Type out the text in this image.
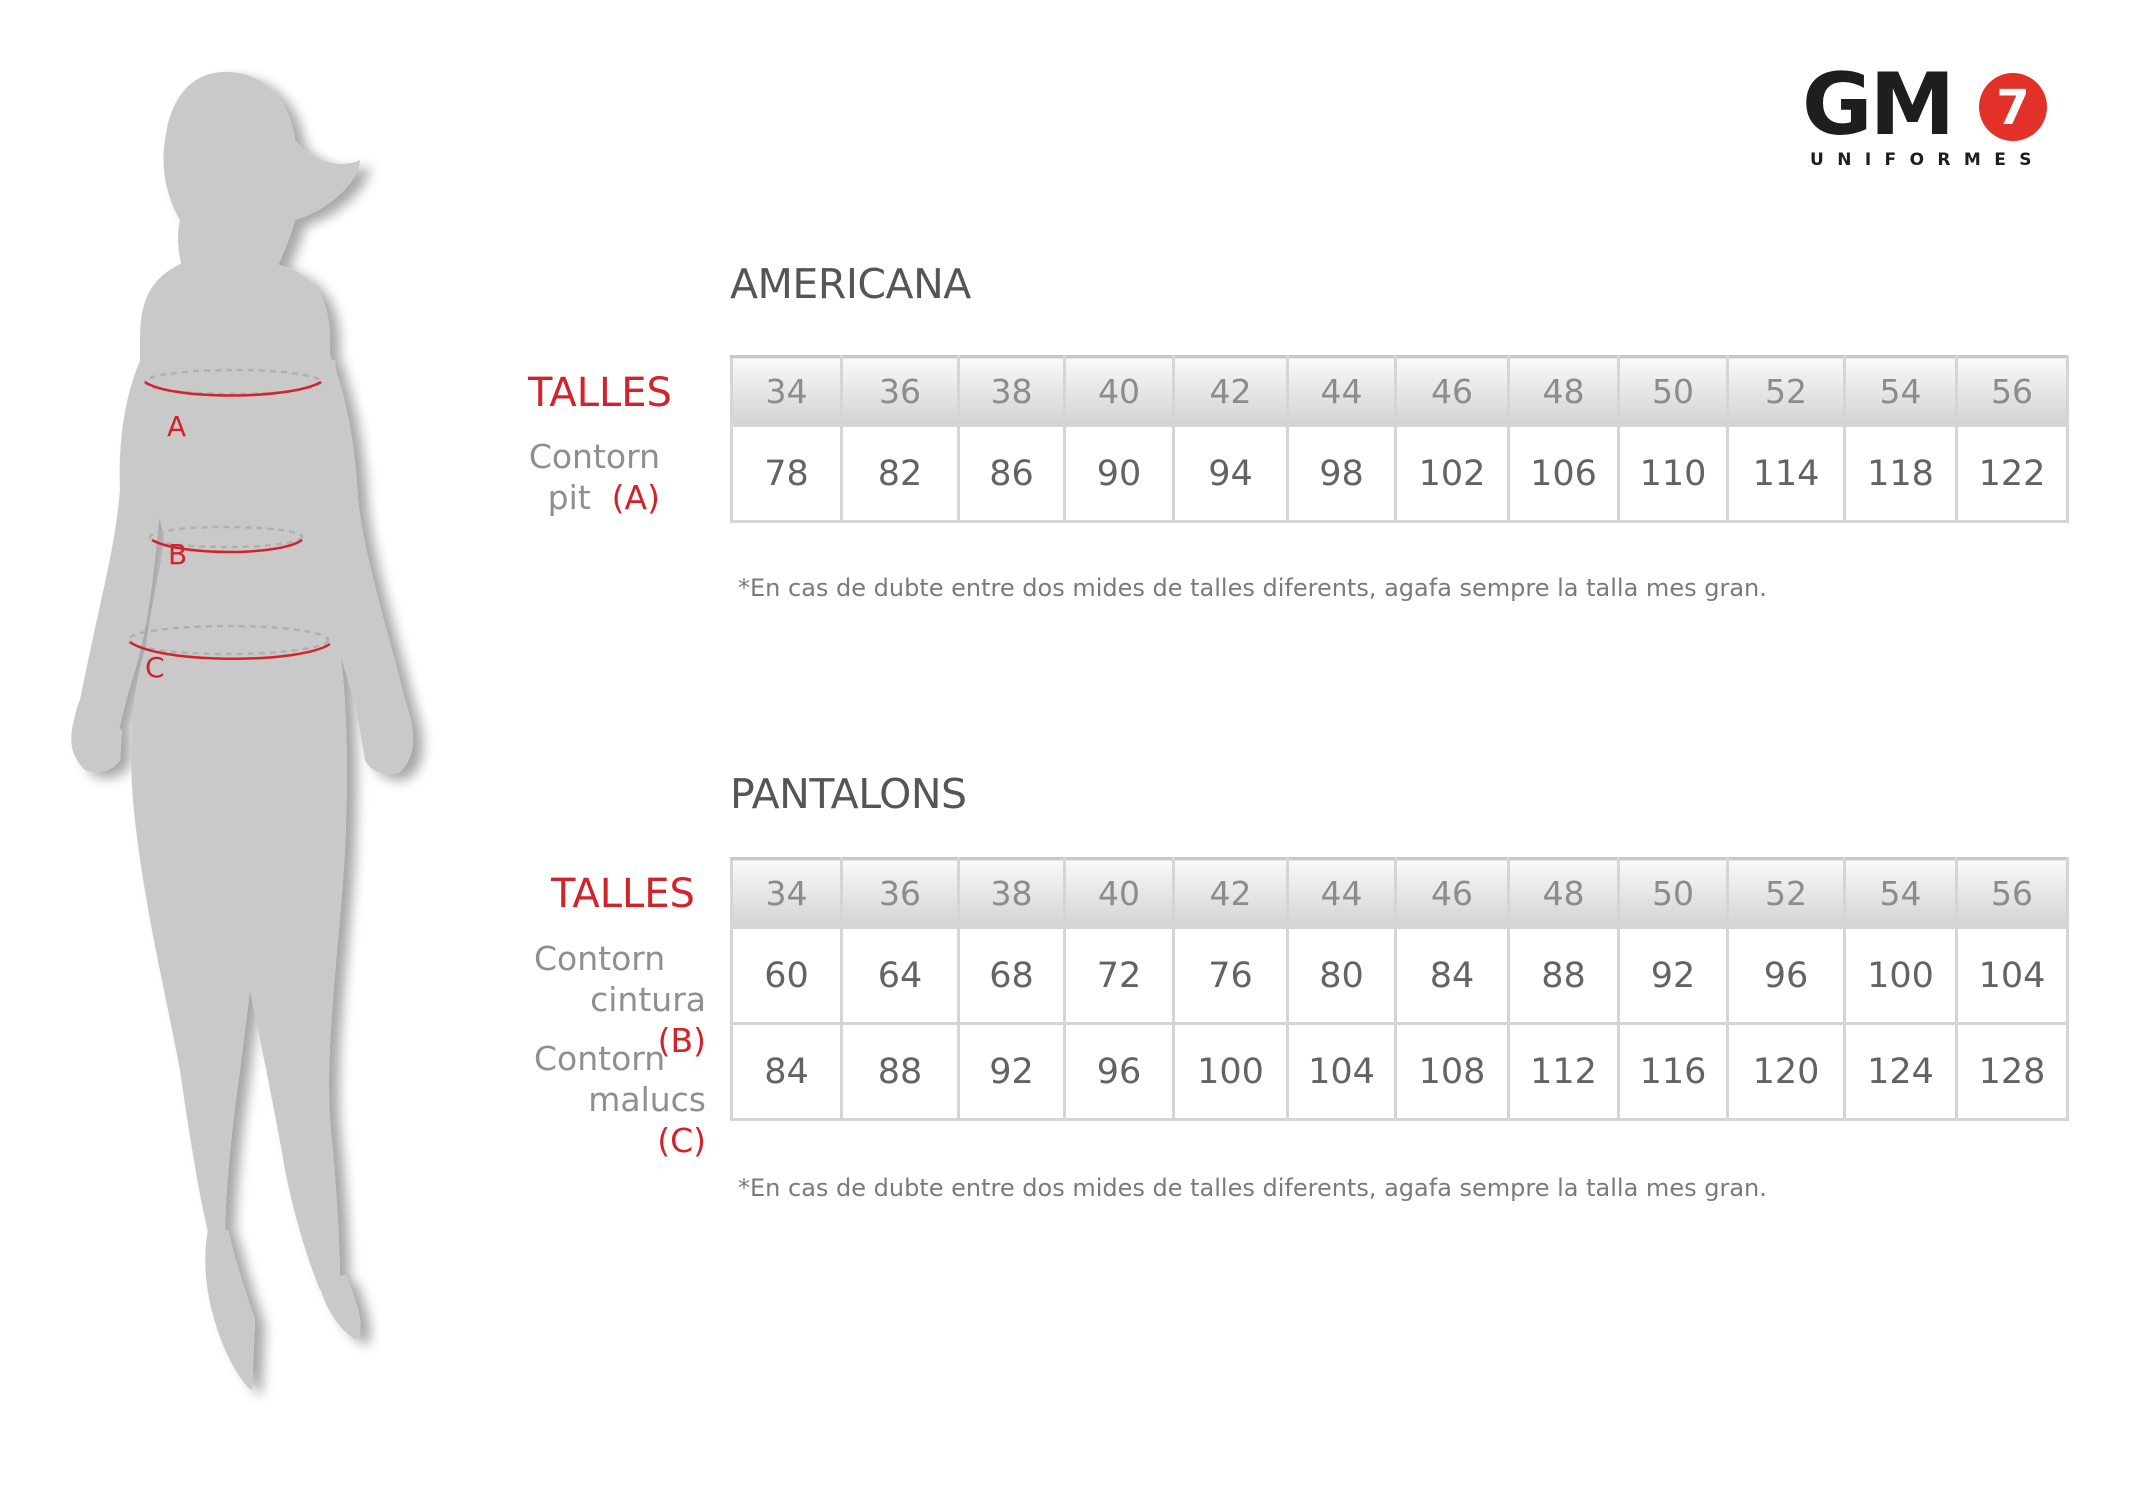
A
B
C
GM 7
UNIFORMES
AMERICANA
TALLES
Contorn
pit (A)
34	36	38	40	42	44	46	48	50	52	54	56
78	82	86	90	94	98	102	106	110	114	118	122
*En cas de dubte entre dos mides de talles diferents, agafa sempre la talla mes gran.
PANTALONS
TALLES
Contorn
cintura (B)
Contorn
malucs (C)
34	36	38	40	42	44	46	48	50	52	54	56
60	64	68	72	76	80	84	88	92	96	100	104
84	88	92	96	100	104	108	112	116	120	124	128
*En cas de dubte entre dos mides de talles diferents, agafa sempre la talla mes gran.
